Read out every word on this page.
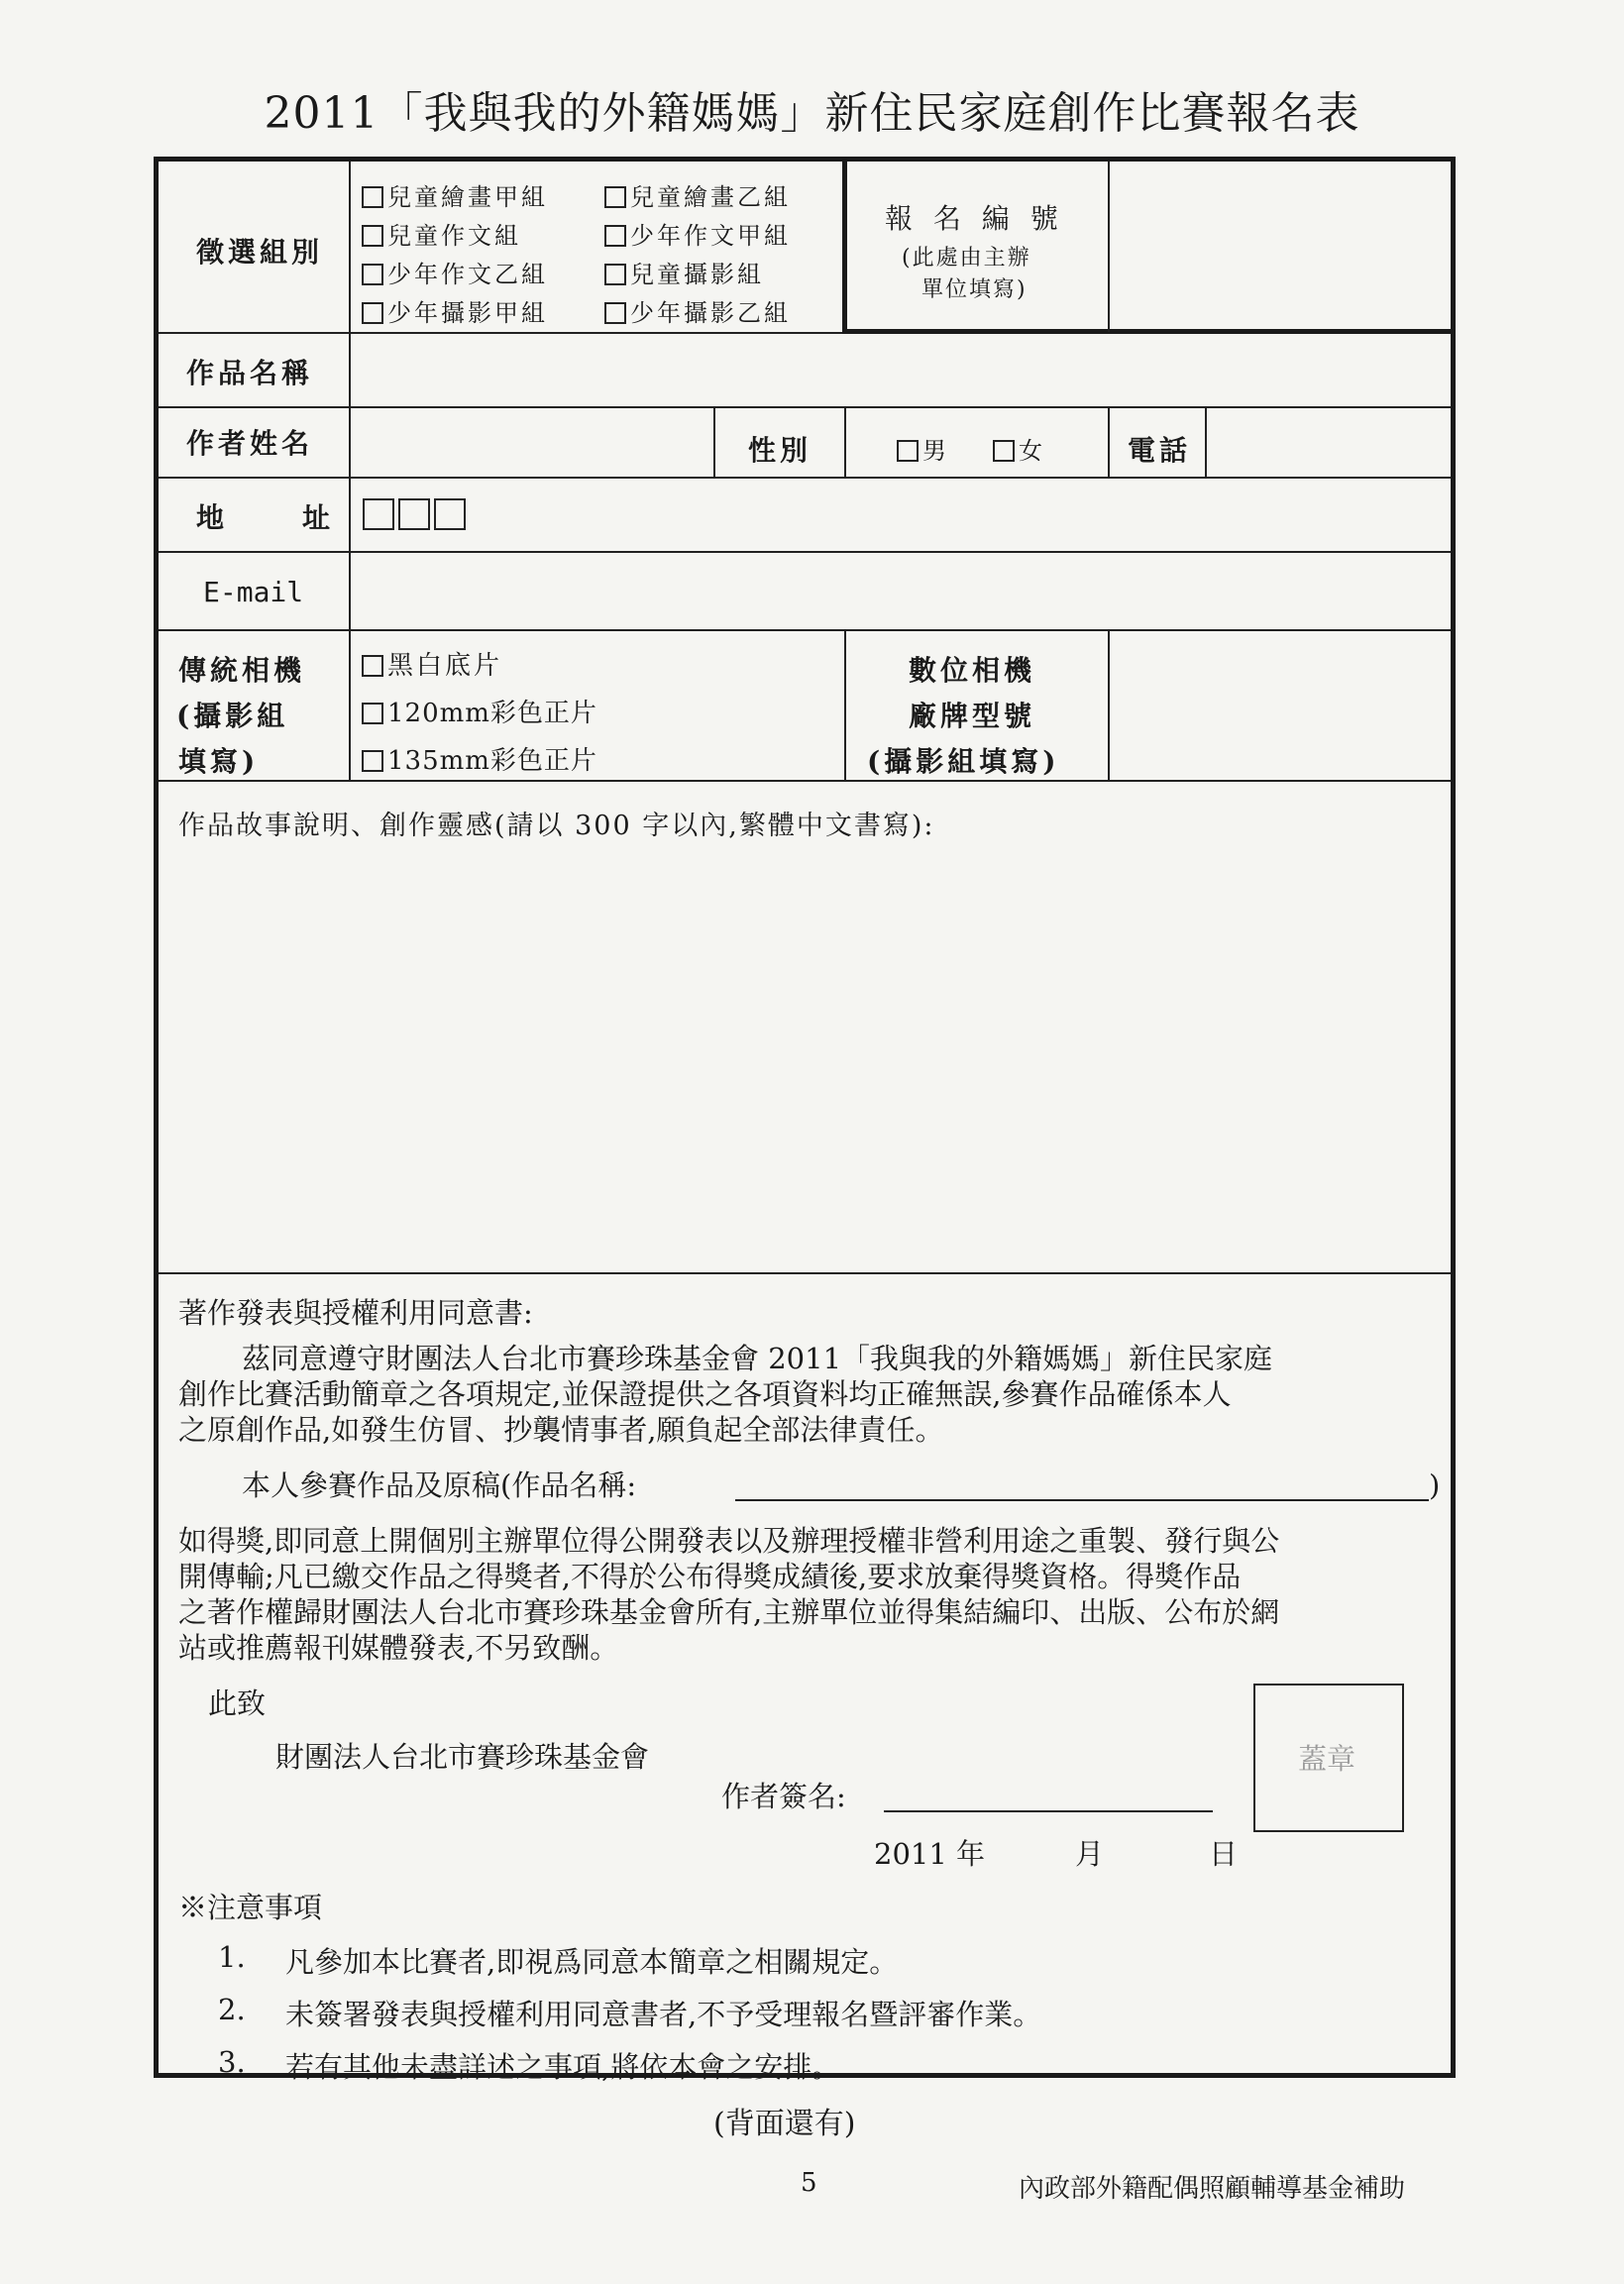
2011「我與我的外籍媽媽」新住民家庭創作比賽報名表
徵選組別
兒童繪畫甲組	兒童繪畫乙組
兒童作文組	少年作文甲組
少年作文乙組	兒童攝影組
少年攝影甲組	少年攝影乙組
報 名 編 號
(此處由主辦
單位填寫)
作品名稱
作者姓名	性別	男	女	電話
地	址
E-mail
傳統相機
(攝影組
填寫)
黑白底片
120mm彩色正片
135mm彩色正片
數位相機
廠牌型號
(攝影組填寫)
作品故事說明、創作靈感(請以 300 字以內,繁體中文書寫):
著作發表與授權利用同意書:
茲同意遵守財團法人台北市賽珍珠基金會 2011「我與我的外籍媽媽」新住民家庭
創作比賽活動簡章之各項規定,並保證提供之各項資料均正確無誤,參賽作品確係本人
之原創作品,如發生仿冒、抄襲情事者,願負起全部法律責任。
本人參賽作品及原稿(作品名稱:	)
如得獎,即同意上開個別主辦單位得公開發表以及辦理授權非營利用途之重製、發行與公
開傳輸;凡已繳交作品之得獎者,不得於公布得獎成績後,要求放棄得獎資格。得獎作品
之著作權歸財團法人台北市賽珍珠基金會所有,主辦單位並得集結編印、出版、公布於網
站或推薦報刊媒體發表,不另致酬。
此致
財團法人台北市賽珍珠基金會	蓋章
作者簽名:
2011 年	月	日
※注意事項
1. 凡參加本比賽者,即視爲同意本簡章之相關規定。
2. 未簽署發表與授權利用同意書者,不予受理報名暨評審作業。
3. 若有其他未盡詳述之事項,將依本會之安排。
(背面還有)
5	內政部外籍配偶照顧輔導基金補助
